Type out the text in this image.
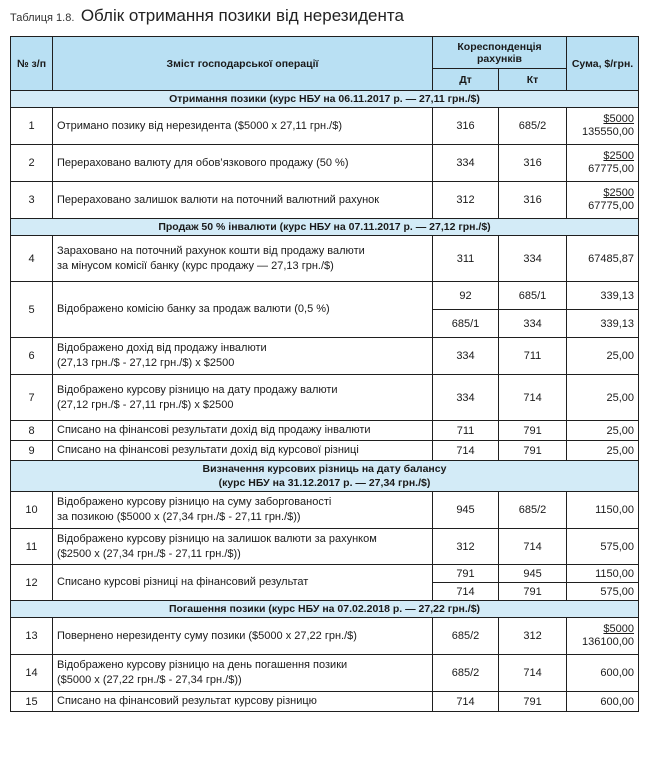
Таблиця 1.8. Облік отримання позики від нерезидента
№ з/п	Зміст господарської операції	Кореспонденція рахунків		Сума, $/грн.
		Дт	Кт	
Отримання позики (курс НБУ на 06.11.2017 р. — 27,11 грн./$)				
1	Отримано позику від нерезидента ($5000 х 27,11 грн./$)	316	685/2	$\frac{\$5000}{135550,00}$

2	Перераховано валюту для обов’язкового продажу (50 %)	334	316	$\frac{\$2500}{67775,00}$

3	Перераховано залишок валюти на поточний валютний рахунок	312	316	$\frac{\$2500}{67775,00}$

Продаж 50 % інвалюти (курс НБУ на 07.11.2017 р. — 27,12 грн./$)				
4	Зараховано на поточний рахунок кошти від продажу валюти
за мінусом комісії банку (курс продажу — 27,13 грн./$)	311	334	67485,87
5	Відображено комісію банку за продаж валюти (0,5 %)	92	685/1	339,13
		685/1	334	339,13
6	Відображено дохід від продажу інвалюти
(27,13 грн./$ - 27,12 грн./$) х $2500	334	711	25,00
7	Відображено курсову різницю на дату продажу валюти
(27,12 грн./$ - 27,11 грн./$) х $2500	334	714	25,00
8	Списано на фінансові результати дохід від продажу інвалюти	711	791	25,00
9	Списано на фінансові результати дохід від курсової різниці	714	791	25,00
Визначення курсових різниць на дату балансу
(курс НБУ на 31.12.2017 р. — 27,34 грн./$)				
10	Відображено курсову різницю на суму заборгованості
за позикою ($5000 х (27,34 грн./$ - 27,11 грн./$))	945	685/2	1150,00
11	Відображено курсову різницю на залишок валюти за рахунком
($2500 х (27,34 грн./$ - 27,11 грн./$))	312	714	575,00
12	Списано курсові різниці на фінансовий результат	791	945	1150,00
		714	791	575,00
Погашення позики (курс НБУ на 07.02.2018 р. — 27,22 грн./$)				
13	Повернено нерезиденту суму позики ($5000 х 27,22 грн./$)	685/2	312	$\frac{\$5000}{136100,00}$

14	Відображено курсову різницю на день погашення позики
($5000 х (27,22 грн./$ - 27,34 грн./$))	685/2	714	600,00
15	Списано на фінансовий результат курсову різницю	714	791	600,00
